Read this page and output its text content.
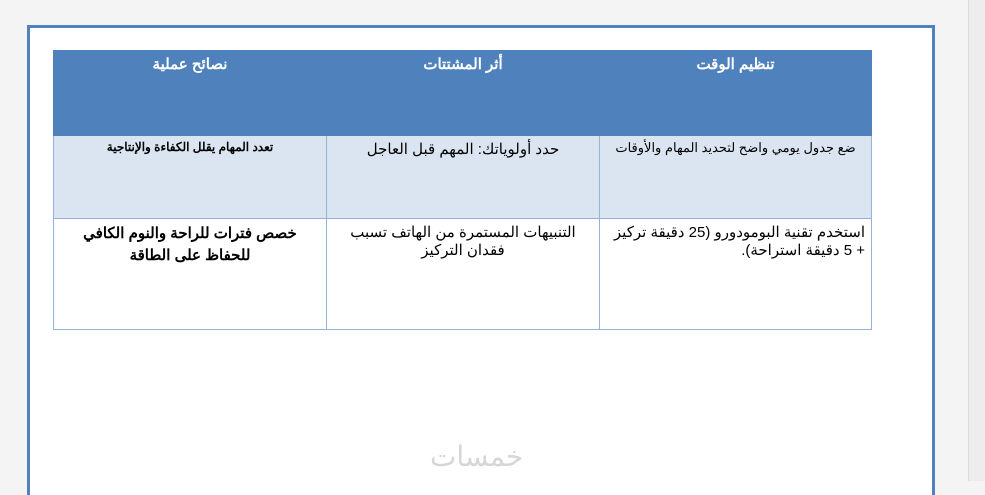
تنظيم الوقت	أثر المشتتات	نصائح عملية
ضع جدول يومي واضح لتحديد المهام والأوقات	حدد أولوياتك: المهم قبل العاجل	تعدد المهام يقلل الكفاءة والإنتاجية
استخدم تقنية البومودورو (25 دقيقة تركيز + 5 دقيقة استراحة).	التنبيهات المستمرة من الهاتف تسبب فقدان التركيز	خصص فترات للراحة والنوم الكافي للحفاظ على الطاقة
خمسات
